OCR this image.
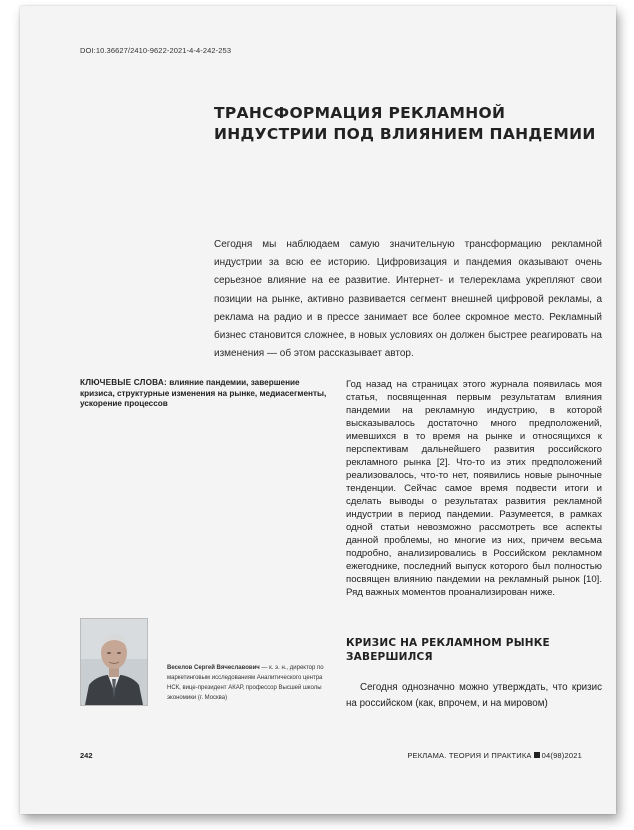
DOI:10.36627/2410-9622-2021-4-4-242-253
ТРАНСФОРМАЦИЯ РЕКЛАМНОЙ ИНДУСТРИИ ПОД ВЛИЯНИЕМ ПАНДЕМИИ
Сегодня мы наблюдаем самую значительную трансформацию рекламной индустрии за всю ее историю. Цифровизация и пандемия оказывают очень серьезное влияние на ее развитие. Интернет- и телереклама укрепляют свои позиции на рынке, активно развивается сегмент внешней цифровой рекламы, а реклама на радио и в прессе занимает все более скромное место. Рекламный бизнес становится сложнее, в новых условиях он должен быстрее реагировать на изменения — об этом рассказывает автор.
КЛЮЧЕВЫЕ СЛОВА: влияние пандемии, завершение кризиса, структурные изменения на рынке, медиасегменты, ускорение процессов
Год назад на страницах этого журнала появилась моя статья, посвященная первым результатам влияния пандемии на рекламную индустрию, в которой высказывалось достаточно много предположений, имевшихся в то время на рынке и относящихся к перспективам дальнейшего развития российского рекламного рынка [2]. Что-то из этих предположений реализовалось, что-то нет, появились новые рыночные тенденции. Сейчас самое время подвести итоги и сделать выводы о результатах развития рекламной индустрии в период пандемии. Разумеется, в рамках одной статьи невозможно рассмотреть все аспекты данной проблемы, но многие из них, причем весьма подробно, анализировались в Российском рекламном ежегоднике, последний выпуск которого был полностью посвящен влиянию пандемии на рекламный рынок [10]. Ряд важных моментов проанализирован ниже.
Веселов Сергей Вячеславович — к. э. н., директор по маркетинговым исследованиям Аналитического центра НСК, вице-президент АКАР, профессор Высшей школы экономики (г. Москва)
КРИЗИС НА РЕКЛАМНОМ РЫНКЕ ЗАВЕРШИЛСЯ
Сегодня однозначно можно утверждать, что кризис на российском (как, впрочем, и на мировом)
242	РЕКЛАМА. ТЕОРИЯ И ПРАКТИКА 04(98)2021
